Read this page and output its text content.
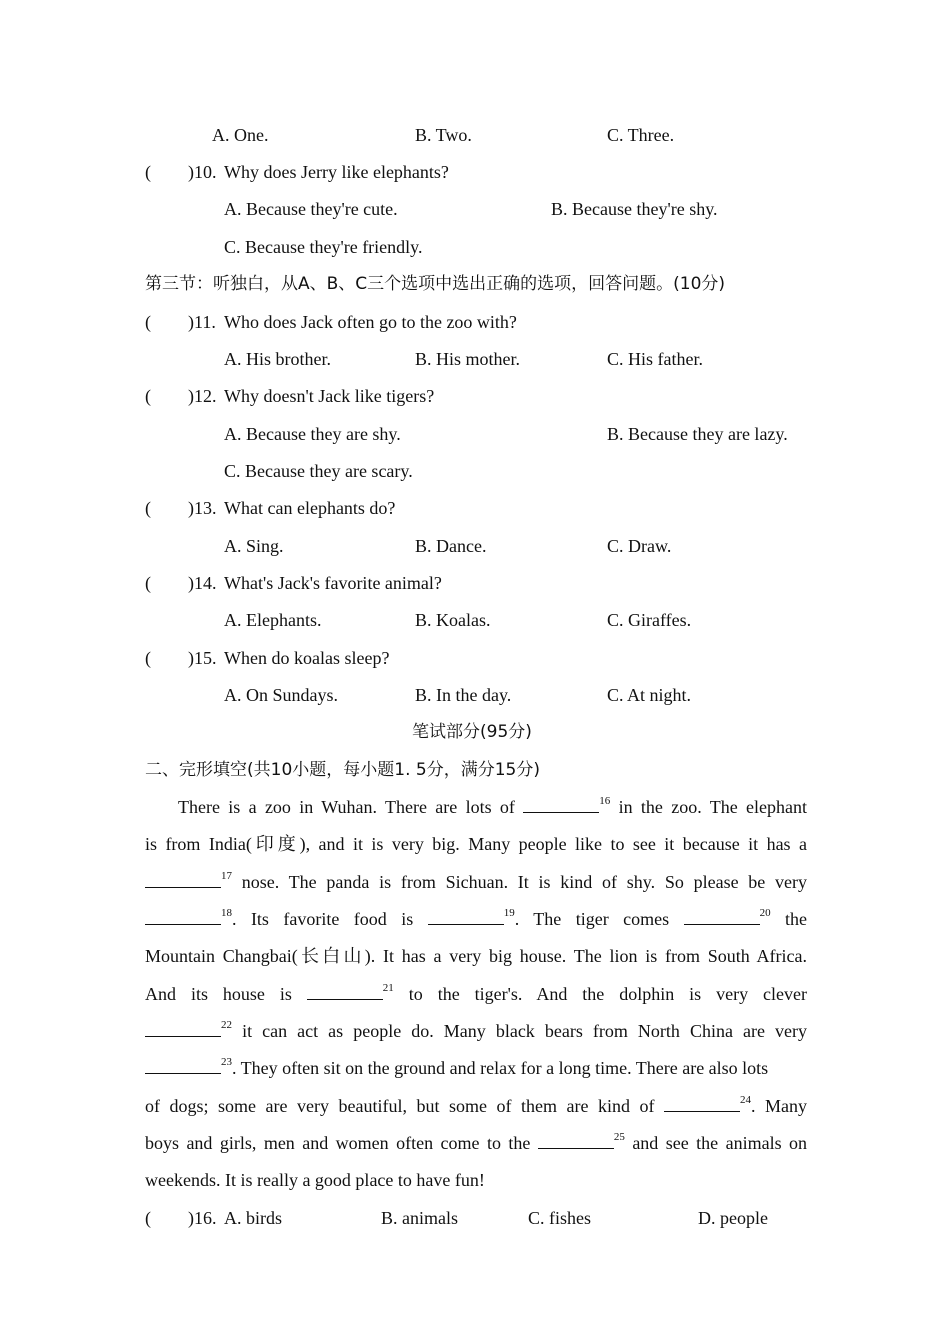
A. One.	B. Two.	C. Three.
( )10. Why does Jerry like elephants?
A. Because they're cute.	B. Because they're shy.
C. Because they're friendly.
第三节：听独白，从A、B、C三个选项中选出正确的选项，回答问题。(10分)
( )11. Who does Jack often go to the zoo with?
A. His brother.	B. His mother.	C. His father.
( )12. Why doesn't Jack like tigers?
A. Because they are shy.	B. Because they are lazy.
C. Because they are scary.
( )13. What can elephants do?
A. Sing.	B. Dance.	C. Draw.
( )14. What's Jack's favorite animal?
A. Elephants.	B. Koalas.	C. Giraffes.
( )15. When do koalas sleep?
A. On Sundays.	B. In the day.	C. At night.
笔试部分(95分)
二、完形填空(共10小题，每小题1. 5分，满分15分)
There is a zoo in Wuhan. There are lots of	$^{16}$ in the zoo. The elephant
is from India(印度), and it is very big. Many people like to see it because it has a
$^{17}$ nose. The panda is from Sichuan. It is kind of shy. So please be very
$^{18}$. Its favorite food is	$^{19}$. The tiger comes	$^{20}$ the
Mountain Changbai(长白山). It has a very big house. The lion is from South Africa.
And its house is	$^{21}$ to the tiger's. And the dolphin is very clever
$^{22}$ it can act as people do. Many black bears from North China are very
$^{23}$. They often sit on the ground and relax for a long time. There are also lots
of dogs; some are very beautiful, but some of them are kind of	$^{24}$. Many
boys and girls, men and women often come to the	$^{25}$ and see the animals on
weekends. It is really a good place to have fun!
( )16. A. birds	B. animals	C. fishes	D. people
